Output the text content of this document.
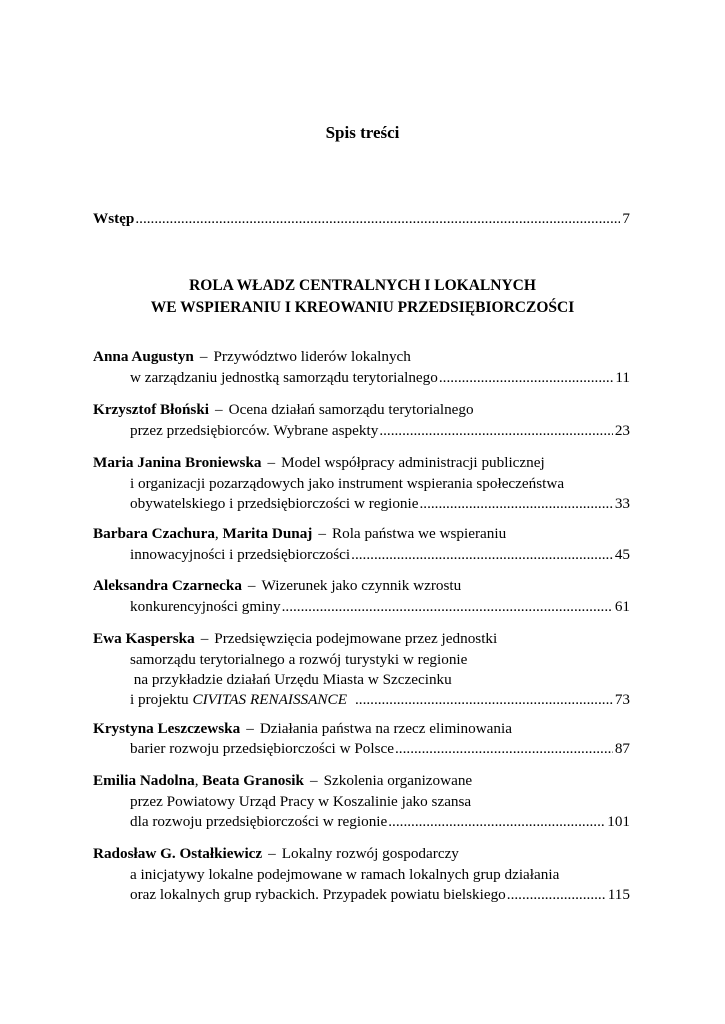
Spis treści
Wstęp .....	7
ROLA WŁADZ CENTRALNYCH I LOKALNYCH
WE WSPIERANIU I KREOWANIU PRZEDSIĘBIORCZOŚCI
Anna Augustyn – Przywództwo liderów lokalnych
w zarządzaniu jednostką samorządu terytorialnego .....	11
Krzysztof Błoński – Ocena działań samorządu terytorialnego
przez przedsiębiorców. Wybrane aspekty .....	23
Maria Janina Broniewska – Model współpracy administracji publicznej
i organizacji pozarządowych jako instrument wspierania społeczeństwa
obywatelskiego i przedsiębiorczości w regionie .....	33
Barbara Czachura, Marita Dunaj – Rola państwa we wspieraniu
innowacyjności i przedsiębiorczości .....	45
Aleksandra Czarnecka – Wizerunek jako czynnik wzrostu
konkurencyjności gminy .....	61
Ewa Kasperska – Przedsięwzięcia podejmowane przez jednostki
samorządu terytorialnego a rozwój turystyki w regionie
na przykładzie działań Urzędu Miasta w Szczecinku
i projektu CIVITAS RENAISSANCE .....	73
Krystyna Leszczewska – Działania państwa na rzecz eliminowania
barier rozwoju przedsiębiorczości w Polsce .....	87
Emilia Nadolna, Beata Granosik – Szkolenia organizowane
przez Powiatowy Urząd Pracy w Koszalinie jako szansa
dla rozwoju przedsiębiorczości w regionie .....	101
Radosław G. Ostałkiewicz – Lokalny rozwój gospodarczy
a inicjatywy lokalne podejmowane w ramach lokalnych grup działania
oraz lokalnych grup rybackich. Przypadek powiatu bielskiego .....	115
